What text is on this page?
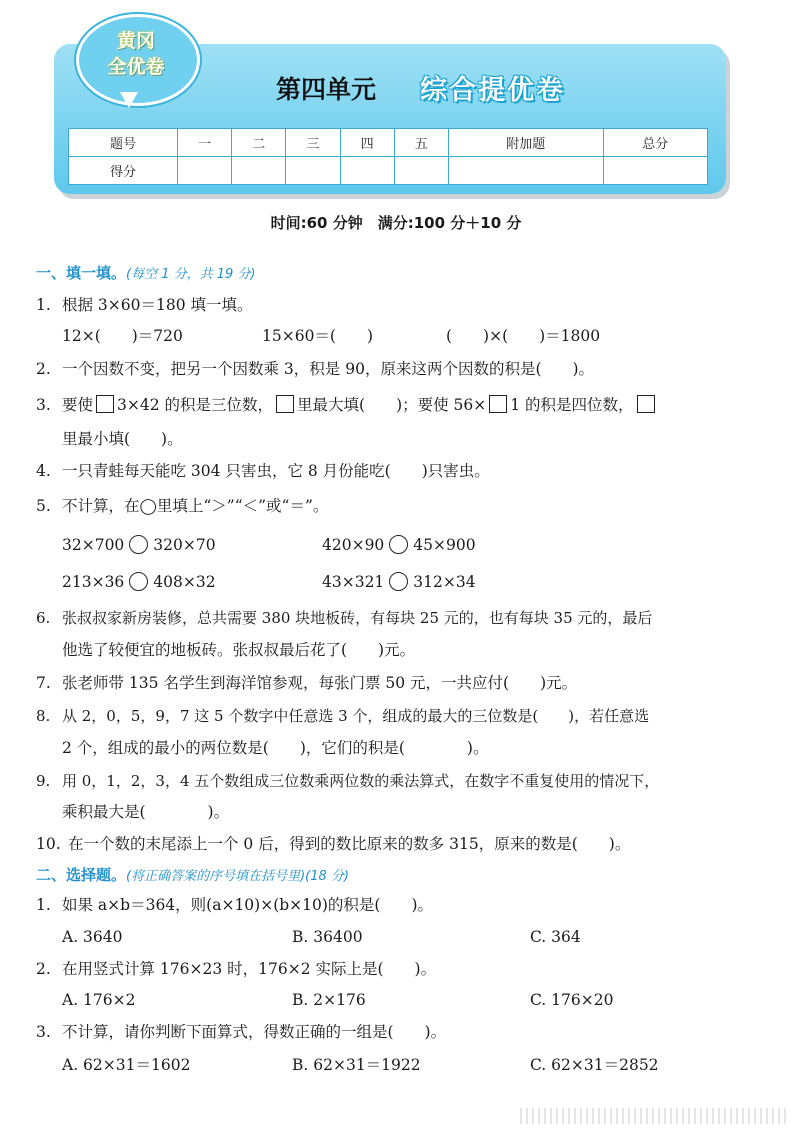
黄冈
全优卷
第四单元 综合提优卷
题号	一	二	三	四	五	附加题	总分
得分							
时间:60 分钟　满分:100 分＋10 分
一、填一填。(每空 1 分，共 19 分)
1. 根据 3×60＝180 填一填。
12×(　　)＝720	15×60＝(　　)	(　　)×(　　)＝1800
2. 一个因数不变，把另一个因数乘 3，积是 90，原来这两个因数的积是(　　)。
3. 要使 3×42 的积是三位数， 里最大填(　　)；要使 56× 1 的积是四位数，
里最小填(　　)。
4. 一只青蛙每天能吃 304 只害虫，它 8 月份能吃(　　)只害虫。
5. 不计算，在◯里填上“＞”“＜”或“＝”。
32×700 320×70	420×90 45×900
213×36 408×32	43×321 312×34
6. 张叔叔家新房装修，总共需要 380 块地板砖，有每块 25 元的，也有每块 35 元的，最后
他选了较便宜的地板砖。张叔叔最后花了(　　)元。
7. 张老师带 135 名学生到海洋馆参观，每张门票 50 元，一共应付(　　)元。
8. 从 2，0，5，9，7 这 5 个数字中任意选 3 个，组成的最大的三位数是(　　)，若任意选
2 个，组成的最小的两位数是(　　)，它们的积是(　　　　)。
9. 用 0，1，2，3，4 五个数组成三位数乘两位数的乘法算式，在数字不重复使用的情况下，
乘积最大是(　　　　)。
10. 在一个数的末尾添上一个 0 后，得到的数比原来的数多 315，原来的数是(　　)。
二、选择题。(将正确答案的序号填在括号里)(18 分)
1. 如果 a×b＝364，则(a×10)×(b×10)的积是(　　)。
A. 3640	B. 36400	C. 364
2. 在用竖式计算 176×23 时，176×2 实际上是(　　)。
A. 176×2	B. 2×176	C. 176×20
3. 不计算，请你判断下面算式，得数正确的一组是(　　)。
A. 62×31＝1602	B. 62×31＝1922	C. 62×31＝2852
